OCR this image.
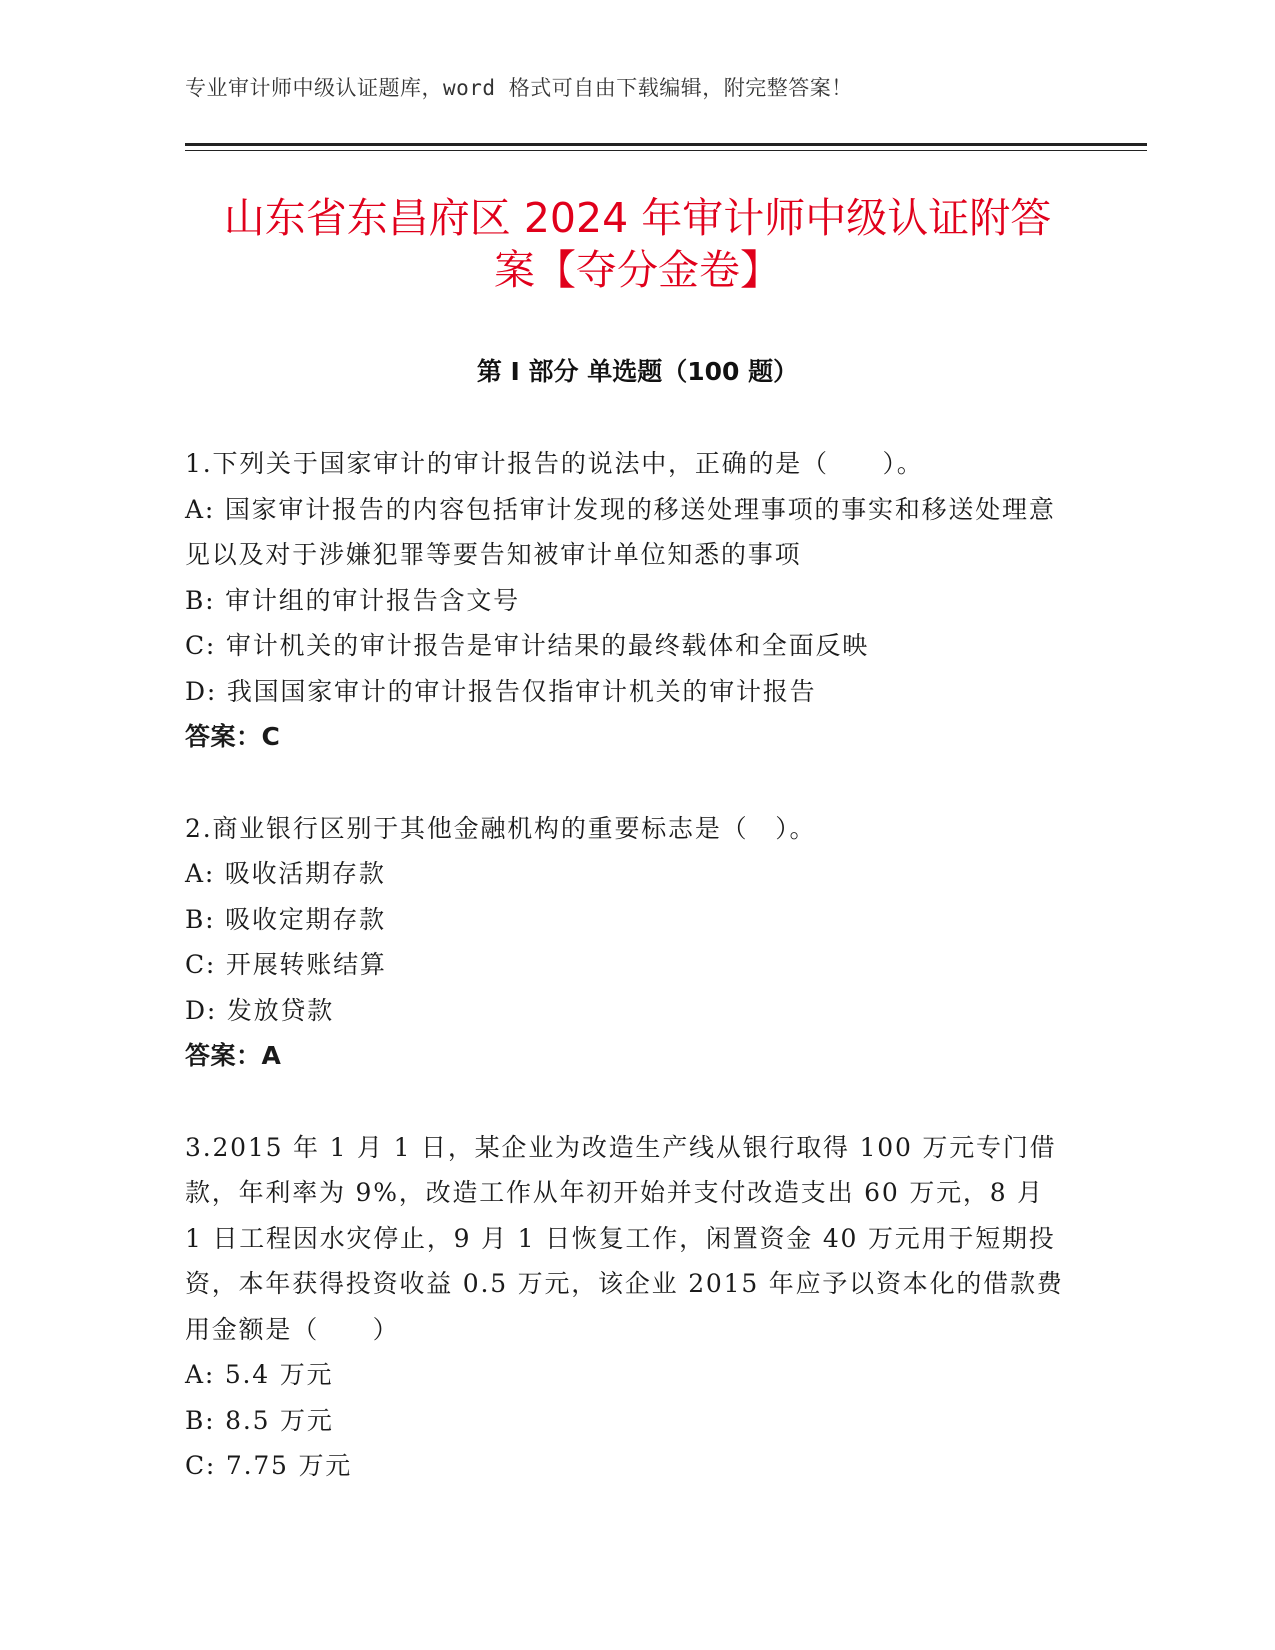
专业审计师中级认证题库，word 格式可自由下载编辑，附完整答案！
山东省东昌府区 2024 年审计师中级认证附答
案【夺分金卷】
第 I 部分 单选题（100 题）
1.下列关于国家审计的审计报告的说法中，正确的是（　　）。
A: 国家审计报告的内容包括审计发现的移送处理事项的事实和移送处理意见以及对于涉嫌犯罪等要告知被审计单位知悉的事项
B: 审计组的审计报告含文号
C: 审计机关的审计报告是审计结果的最终载体和全面反映
D: 我国国家审计的审计报告仅指审计机关的审计报告
答案：C
2.商业银行区别于其他金融机构的重要标志是（　）。
A: 吸收活期存款
B: 吸收定期存款
C: 开展转账结算
D: 发放贷款
答案：A
3.2015 年 1 月 1 日，某企业为改造生产线从银行取得 100 万元专门借款，年利率为 9%，改造工作从年初开始并支付改造支出 60 万元，8 月 1 日工程因水灾停止，9 月 1 日恢复工作，闲置资金 40 万元用于短期投资，本年获得投资收益 0.5 万元，该企业 2015 年应予以资本化的借款费用金额是（　　）
A: 5.4 万元
B: 8.5 万元
C: 7.75 万元
